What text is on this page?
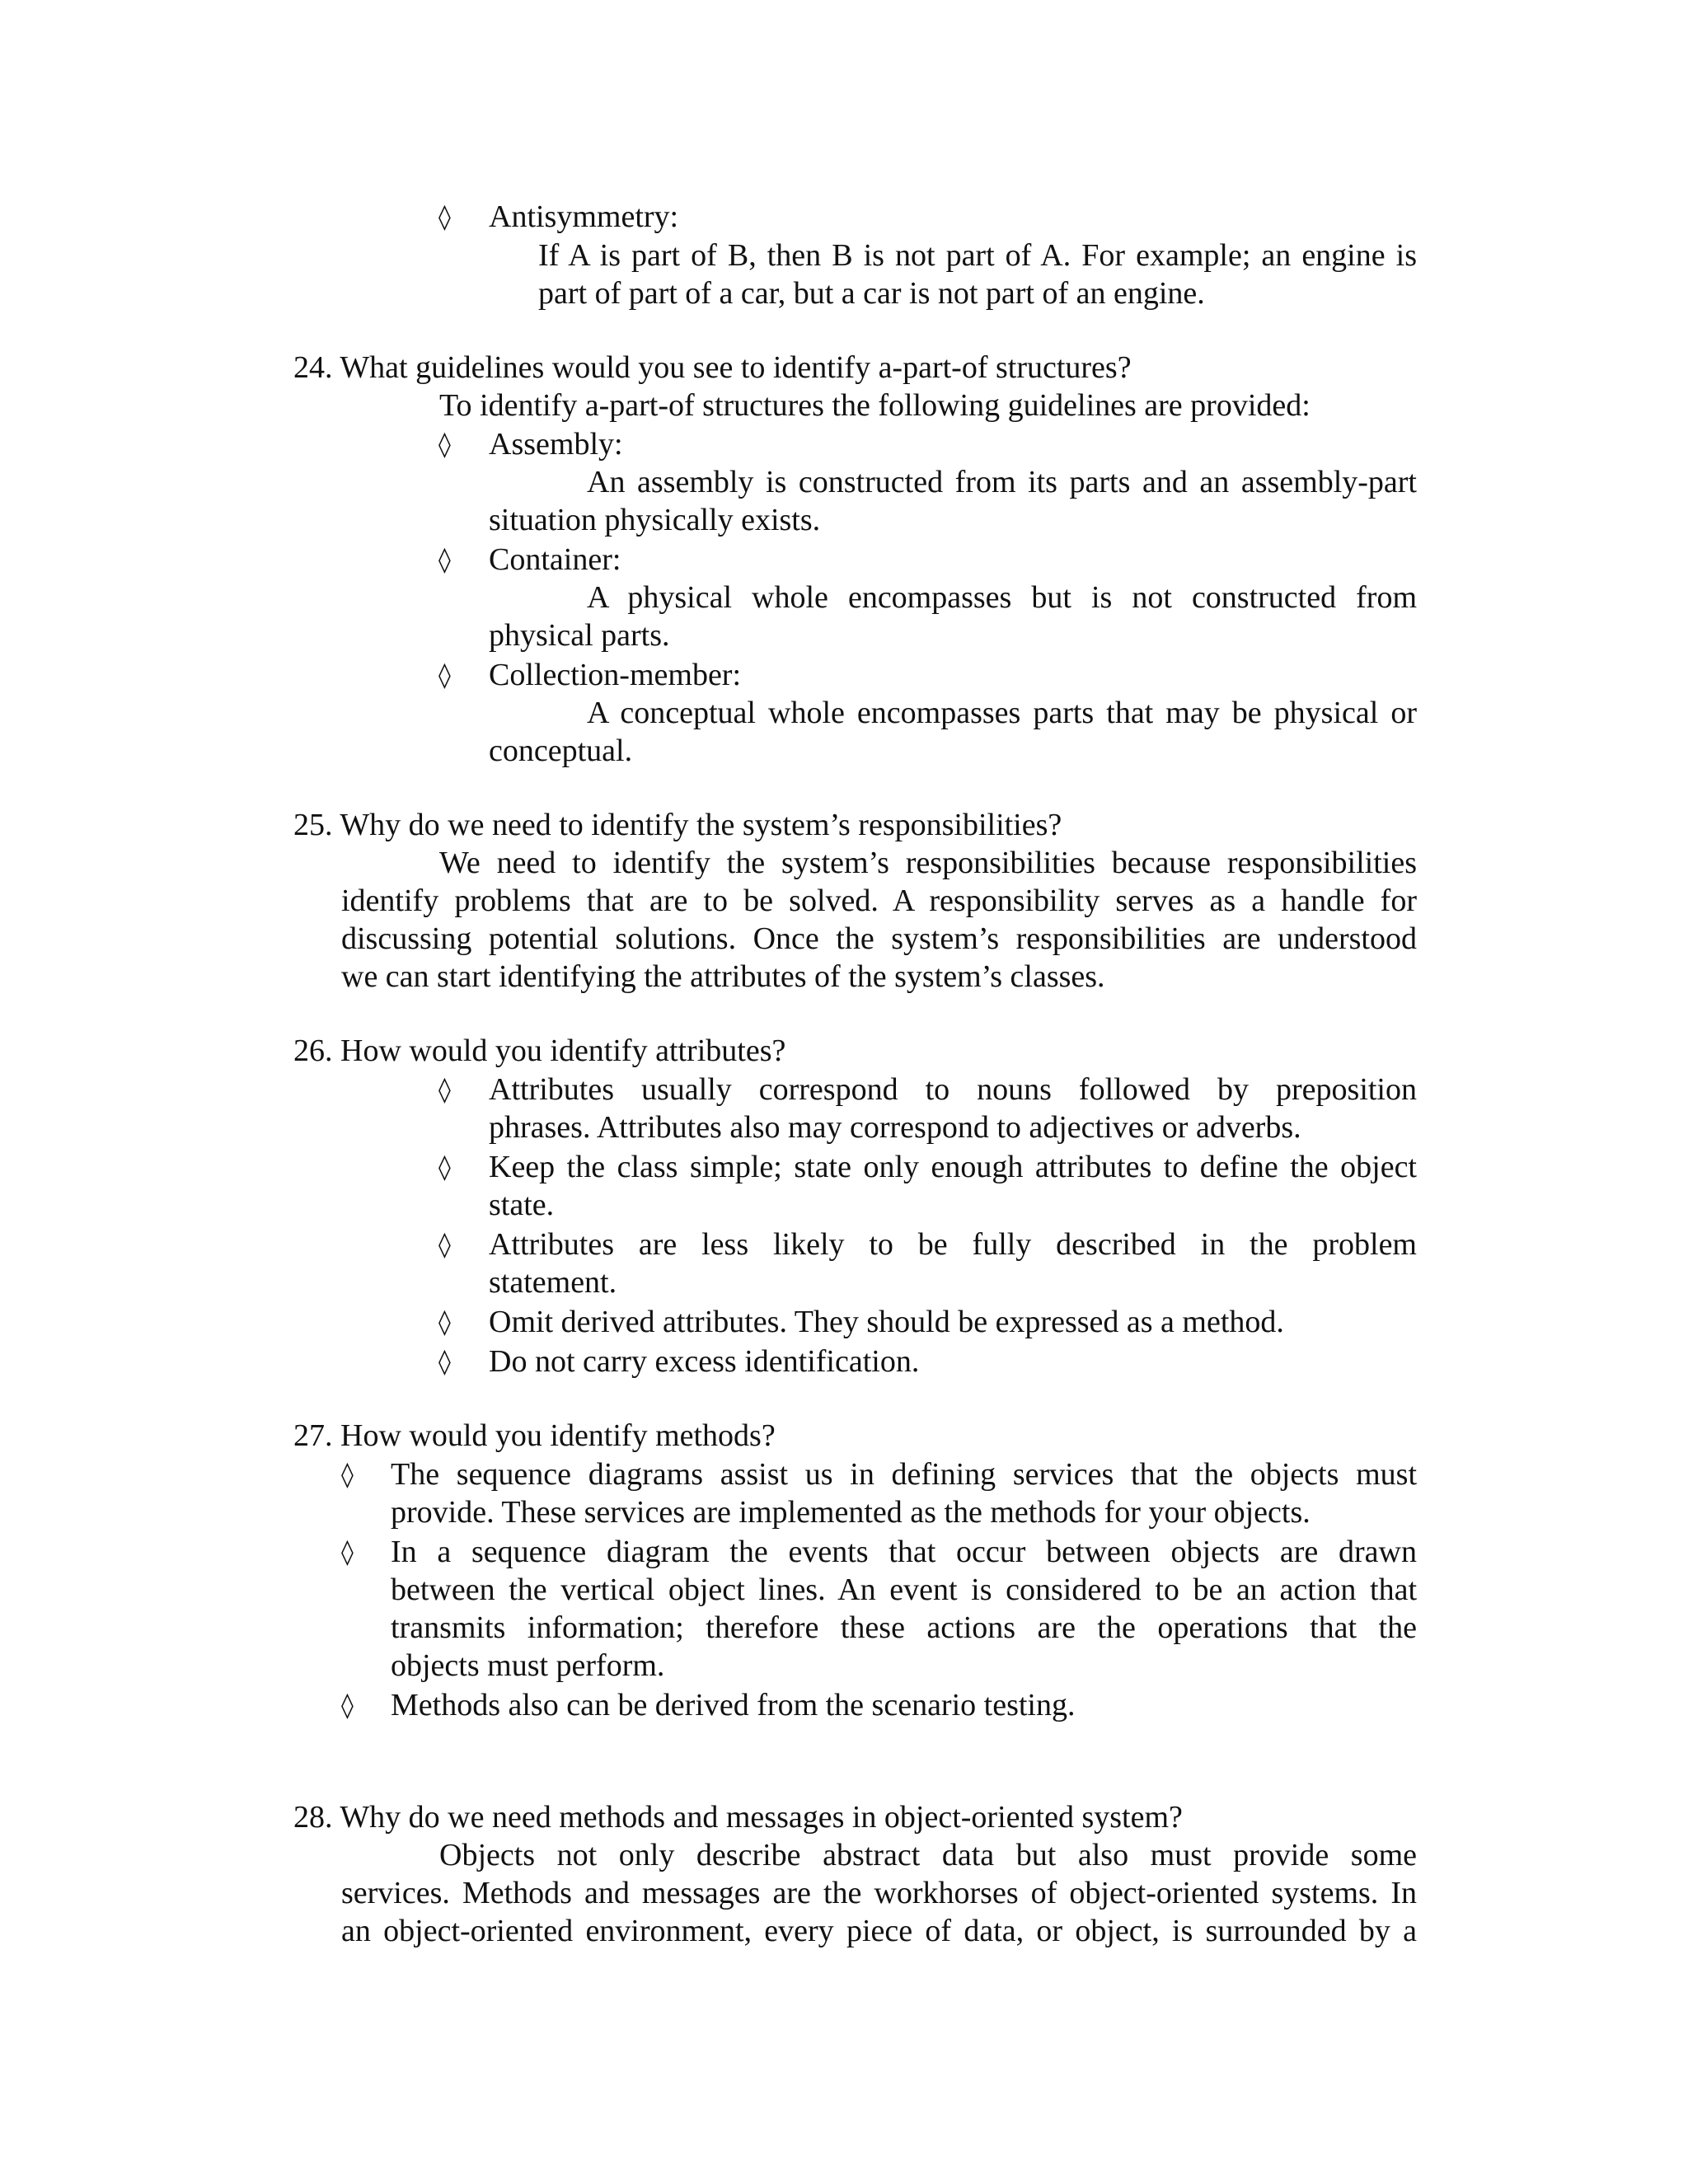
◊ Antisymmetry:
If A is part of B, then B is not part of A. For example; an engine is
part of part of a car, but a car is not part of an engine.
24. What guidelines would you see to identify a-part-of structures?
To identify a-part-of structures the following guidelines are provided:
◊ Assembly:
An assembly is constructed from its parts and an assembly-part
situation physically exists.
◊ Container:
A physical whole encompasses but is not constructed from
physical parts.
◊ Collection-member:
A conceptual whole encompasses parts that may be physical or
conceptual.
25. Why do we need to identify the system’s responsibilities?
We need to identify the system’s responsibilities because responsibilities
identify problems that are to be solved. A responsibility serves as a handle for
discussing potential solutions. Once the system’s responsibilities are understood
we can start identifying the attributes of the system’s classes.
26. How would you identify attributes?
◊ Attributes usually correspond to nouns followed by preposition
phrases. Attributes also may correspond to adjectives or adverbs.
◊ Keep the class simple; state only enough attributes to define the object
state.
◊ Attributes are less likely to be fully described in the problem
statement.
◊ Omit derived attributes. They should be expressed as a method.
◊ Do not carry excess identification.
27. How would you identify methods?
◊ The sequence diagrams assist us in defining services that the objects must
provide. These services are implemented as the methods for your objects.
◊ In a sequence diagram the events that occur between objects are drawn
between the vertical object lines. An event is considered to be an action that
transmits information; therefore these actions are the operations that the
objects must perform.
◊ Methods also can be derived from the scenario testing.
28. Why do we need methods and messages in object-oriented system?
Objects not only describe abstract data but also must provide some
services. Methods and messages are the workhorses of object-oriented systems. In
an object-oriented environment, every piece of data, or object, is surrounded by a
